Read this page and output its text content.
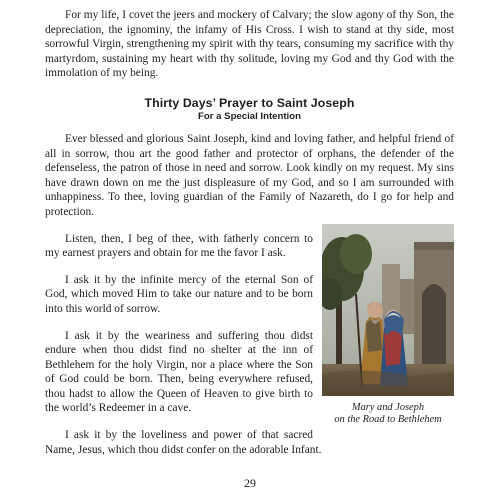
For my life, I covet the jeers and mockery of Calvary; the slow agony of thy Son, the depreciation, the ignominy, the infamy of His Cross. I wish to stand at thy side, most sorrowful Virgin, strengthening my spirit with thy tears, consuming my sacrifice with thy martyrdom, sustaining my heart with thy solitude, loving my God and thy God with the immolation of my being.

Thirty Days’ Prayer to Saint Joseph
For a Special Intention

Ever blessed and glorious Saint Joseph, kind and loving father, and helpful friend of all in sorrow, thou art the good father and protector of orphans, the defender of the defenseless, the patron of those in need and sorrow. Look kindly on my request. My sins have drawn down on me the just displeasure of my God, and so I am surrounded with unhappiness. To thee, loving guardian of the Family of Nazareth, do I go for help and protection.

Mary and Joseph
on the Road to Bethlehem

Listen, then, I beg of thee, with fatherly concern to my earnest prayers and obtain for me the favor I ask.

I ask it by the infinite mercy of the eternal Son of God, which moved Him to take our nature and to be born into this world of sorrow.

I ask it by the weariness and suffering thou didst endure when thou didst find no shelter at the inn of Bethlehem for the holy Virgin, nor a place where the Son of God could be born. Then, being everywhere refused, thou hadst to allow the Queen of Heaven to give birth to the world’s Redeemer in a cave.

I ask it by the loveliness and power of that sacred Name, Jesus, which thou didst confer on the adorable Infant.

29
